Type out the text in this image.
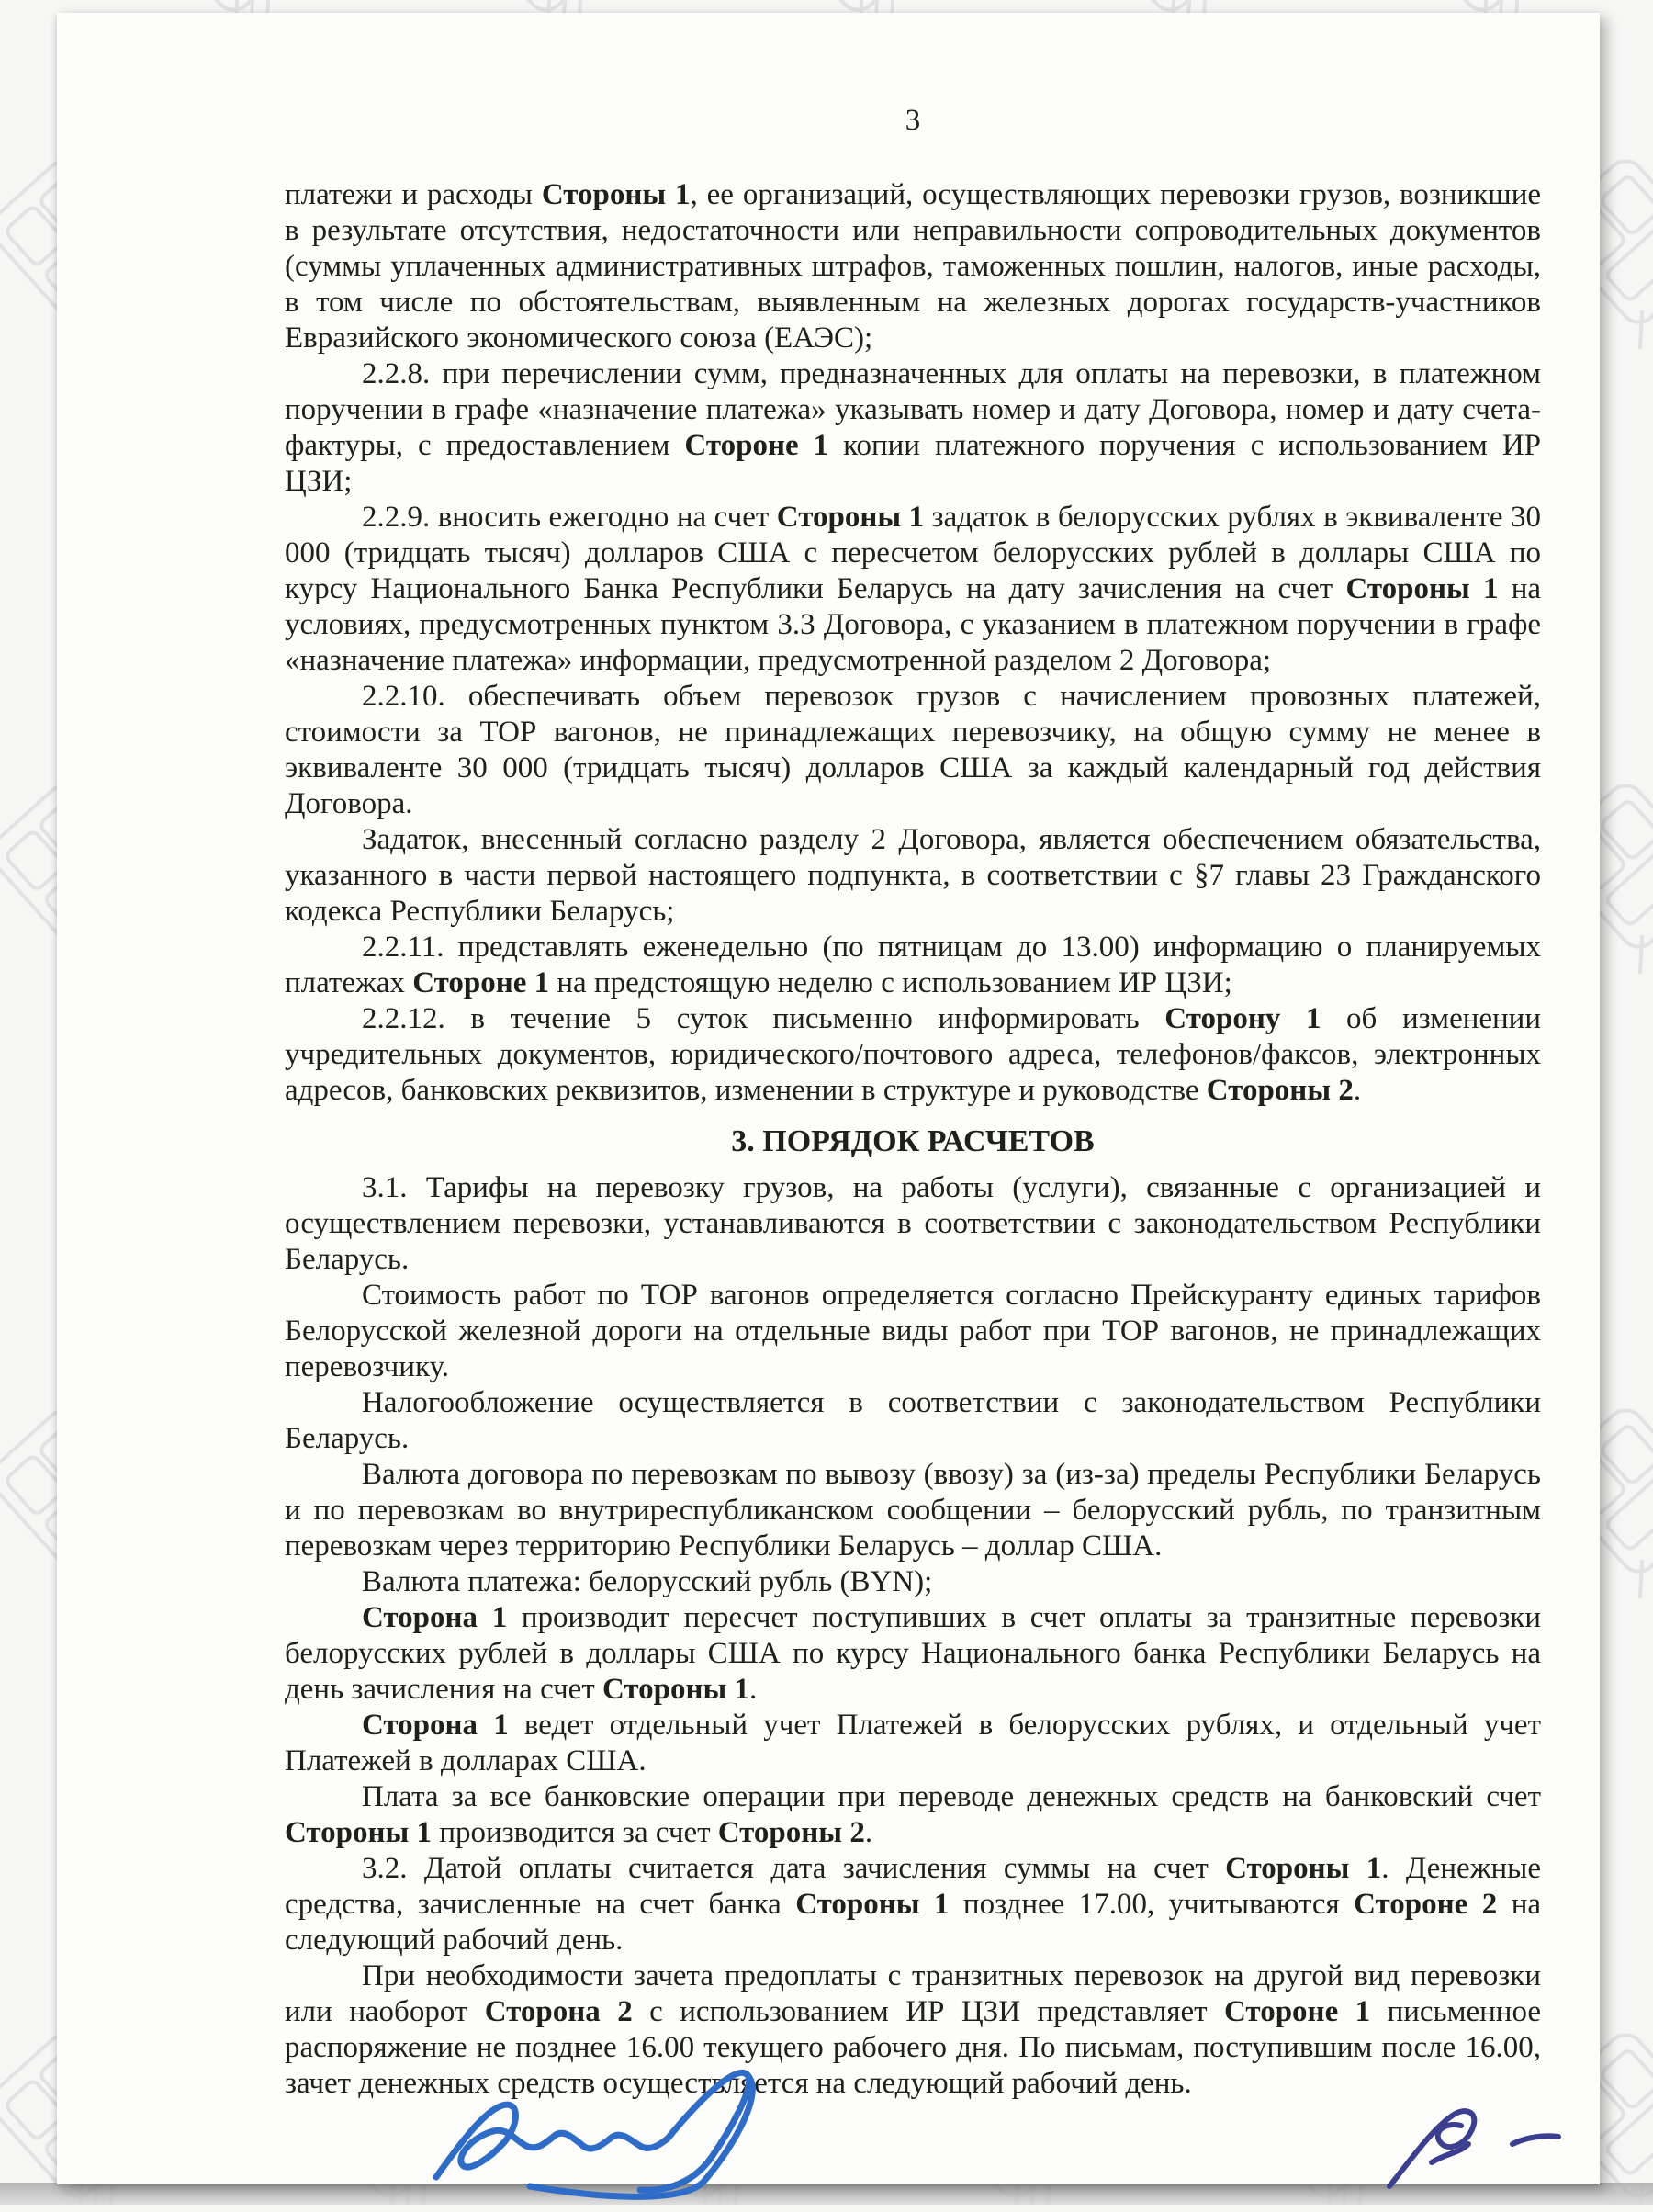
3

платежи и расходы Стороны 1, ее организаций, осуществляющих перевозки грузов, возникшие в результате отсутствия, недостаточности или неправильности сопроводительных документов (суммы уплаченных административных штрафов, таможенных пошлин, налогов, иные расходы, в том числе по обстоятельствам, выявленным на железных дорогах государств-участников Евразийского экономического союза (ЕАЭС);

2.2.8. при перечислении сумм, предназначенных для оплаты на перевозки, в платежном поручении в графе «назначение платежа» указывать номер и дату Договора, номер и дату счета-фактуры, с предоставлением Стороне 1 копии платежного поручения с использованием ИР ЦЗИ;

2.2.9. вносить ежегодно на счет Стороны 1 задаток в белорусских рублях в эквиваленте 30 000 (тридцать тысяч) долларов США с пересчетом белорусских рублей в доллары США по курсу Национального Банка Республики Беларусь на дату зачисления на счет Стороны 1 на условиях, предусмотренных пунктом 3.3 Договора, с указанием в платежном поручении в графе «назначение платежа» информации, предусмотренной разделом 2 Договора;

2.2.10. обеспечивать объем перевозок грузов с начислением провозных платежей, стоимости за ТОР вагонов, не принадлежащих перевозчику, на общую сумму не менее в эквиваленте 30 000 (тридцать тысяч) долларов США за каждый календарный год действия Договора.

Задаток, внесенный согласно разделу 2 Договора, является обеспечением обязательства, указанного в части первой настоящего подпункта, в соответствии с §7 главы 23 Гражданского кодекса Республики Беларусь;

2.2.11. представлять еженедельно (по пятницам до 13.00) информацию о планируемых платежах Стороне 1 на предстоящую неделю с использованием ИР ЦЗИ;

2.2.12. в течение 5 суток письменно информировать Сторону 1 об изменении учредительных документов, юридического/почтового адреса, телефонов/факсов, электронных адресов, банковских реквизитов, изменении в структуре и руководстве Стороны 2.

3. ПОРЯДОК РАСЧЕТОВ

3.1. Тарифы на перевозку грузов, на работы (услуги), связанные с организацией и осуществлением перевозки, устанавливаются в соответствии с законодательством Республики Беларусь.

Стоимость работ по ТОР вагонов определяется согласно Прейскуранту единых тарифов Белорусской железной дороги на отдельные виды работ при ТОР вагонов, не принадлежащих перевозчику.

Налогообложение осуществляется в соответствии с законодательством Республики Беларусь.

Валюта договора по перевозкам по вывозу (ввозу) за (из-за) пределы Республики Беларусь и по перевозкам во внутриреспубликанском сообщении – белорусский рубль, по транзитным перевозкам через территорию Республики Беларусь – доллар США.

Валюта платежа: белорусский рубль (BYN);

Сторона 1 производит пересчет поступивших в счет оплаты за транзитные перевозки белорусских рублей в доллары США по курсу Национального банка Республики Беларусь на день зачисления на счет Стороны 1.

Сторона 1 ведет отдельный учет Платежей в белорусских рублях, и отдельный учет Платежей в долларах США.

Плата за все банковские операции при переводе денежных средств на банковский счет Стороны 1 производится за счет Стороны 2.

3.2. Датой оплаты считается дата зачисления суммы на счет Стороны 1. Денежные средства, зачисленные на счет банка Стороны 1 позднее 17.00, учитываются Стороне 2 на следующий рабочий день.

При необходимости зачета предоплаты с транзитных перевозок на другой вид перевозки или наоборот Сторона 2 с использованием ИР ЦЗИ представляет Стороне 1 письменное распоряжение не позднее 16.00 текущего рабочего дня. По письмам, поступившим после 16.00, зачет денежных средств осуществляется на следующий рабочий день.
